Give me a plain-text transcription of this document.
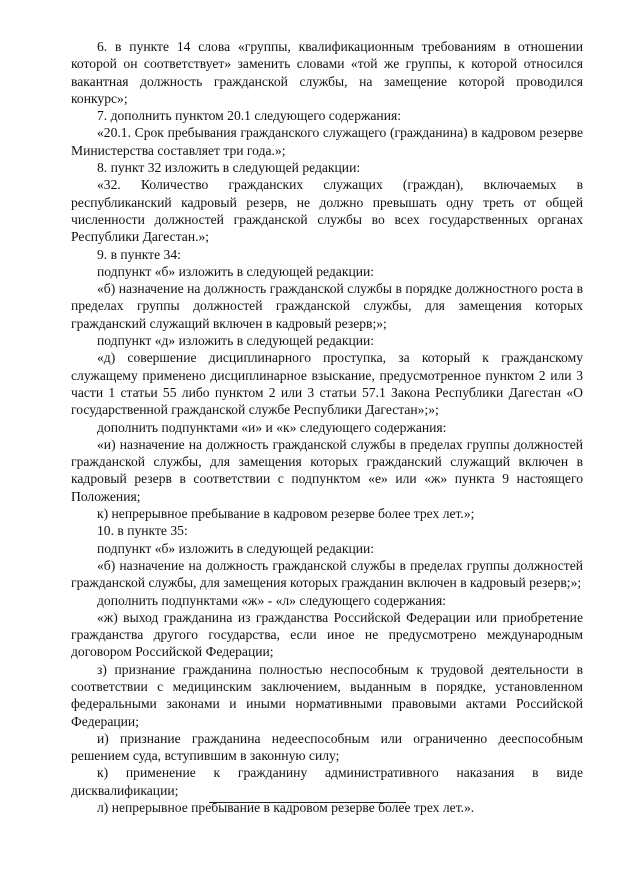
6. в пункте 14 слова «группы, квалификационным требованиям в отношении которой он соответствует» заменить словами «той же группы, к которой относился вакантная должность гражданской службы, на замещение которой проводился конкурс»;

7. дополнить пунктом 20.1 следующего содержания:

«20.1. Срок пребывания гражданского служащего (гражданина) в кадровом резерве Министерства составляет три года.»;

8. пункт 32 изложить в следующей редакции:

«32. Количество гражданских служащих (граждан), включаемых в республиканский кадровый резерв, не должно превышать одну треть от общей численности должностей гражданской службы во всех государственных органах Республики Дагестан.»;

9. в пункте 34:

подпункт «б» изложить в следующей редакции:

«б) назначение на должность гражданской службы в порядке должностного роста в пределах группы должностей гражданской службы, для замещения которых гражданский служащий включен в кадровый резерв;»;

подпункт «д» изложить в следующей редакции:

«д) совершение дисциплинарного проступка, за который к гражданскому служащему применено дисциплинарное взыскание, предусмотренное пунктом 2 или 3 части 1 статьи 55 либо пунктом 2 или 3 статьи 57.1 Закона Республики Дагестан «О государственной гражданской службе Республики Дагестан»;»;

дополнить подпунктами «и» и «к» следующего содержания:

«и) назначение на должность гражданской службы в пределах группы должностей гражданской службы, для замещения которых гражданский служащий включен в кадровый резерв в соответствии с подпунктом «е» или «ж» пункта 9 настоящего Положения;

к) непрерывное пребывание в кадровом резерве более трех лет.»;

10. в пункте 35:

подпункт «б» изложить в следующей редакции:

«б) назначение на должность гражданской службы в пределах группы должностей гражданской службы, для замещения которых гражданин включен в кадровый резерв;»;

дополнить подпунктами «ж» - «л» следующего содержания:

«ж) выход гражданина из гражданства Российской Федерации или приобретение гражданства другого государства, если иное не предусмотрено международным договором Российской Федерации;

з) признание гражданина полностью неспособным к трудовой деятельности в соответствии с медицинским заключением, выданным в порядке, установленном федеральными законами и иными нормативными правовыми актами Российской Федерации;

и) признание гражданина недееспособным или ограниченно дееспособным решением суда, вступившим в законную силу;

к) применение к гражданину административного наказания в виде дисквалификации;

л) непрерывное пребывание в кадровом резерве более трех лет.».
